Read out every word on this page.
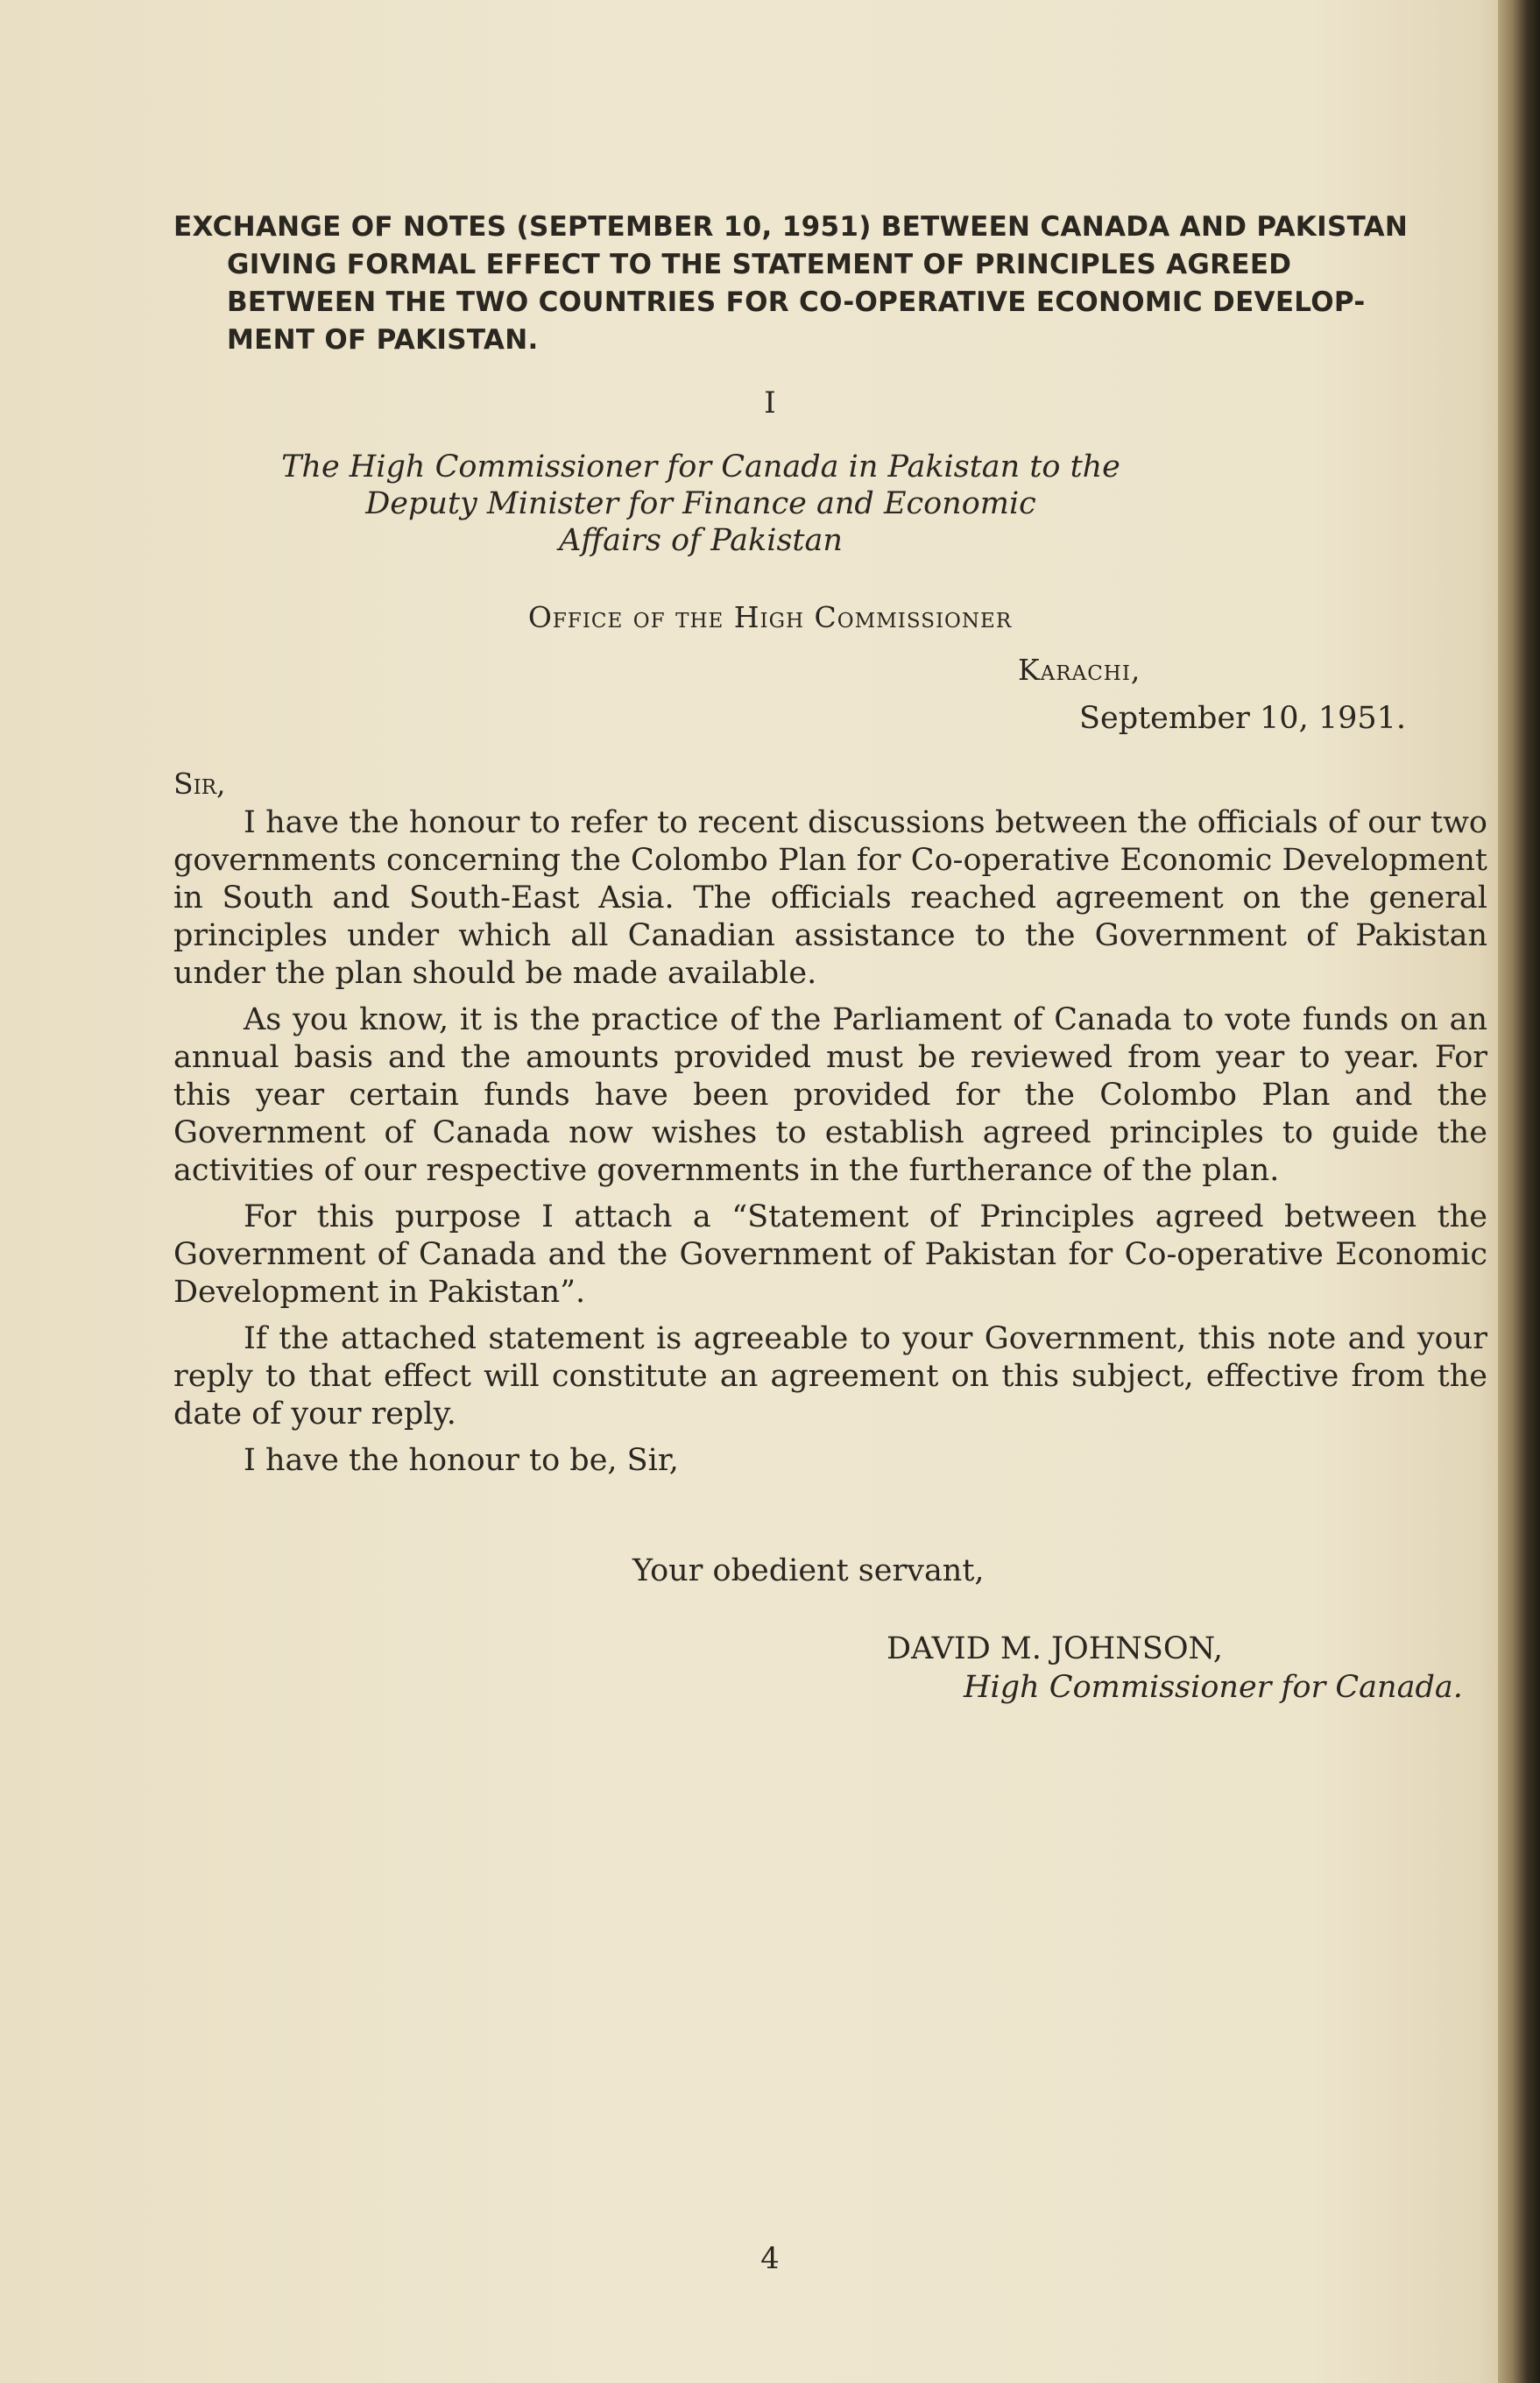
EXCHANGE OF NOTES (SEPTEMBER 10, 1951) BETWEEN CANADA AND PAKISTAN
GIVING FORMAL EFFECT TO THE STATEMENT OF PRINCIPLES AGREED
BETWEEN THE TWO COUNTRIES FOR CO-OPERATIVE ECONOMIC DEVELOP-
MENT OF PAKISTAN.
I
The High Commissioner for Canada in Pakistan to the
Deputy Minister for Finance and Economic
Affairs of Pakistan
Office of the High Commissioner
Karachi,
September 10, 1951.
Sir,

I have the honour to refer to recent discussions between the officials of our two governments concerning the Colombo Plan for Co-operative Economic Development in South and South-East Asia. The officials reached agreement on the general principles under which all Canadian assistance to the Government of Pakistan under the plan should be made available.

As you know, it is the practice of the Parliament of Canada to vote funds on an annual basis and the amounts provided must be reviewed from year to year. For this year certain funds have been provided for the Colombo Plan and the Government of Canada now wishes to establish agreed principles to guide the activities of our respective governments in the furtherance of the plan.

For this purpose I attach a “Statement of Principles agreed between the Government of Canada and the Government of Pakistan for Co-operative Economic Development in Pakistan”.

If the attached statement is agreeable to your Government, this note and your reply to that effect will constitute an agreement on this subject, effective from the date of your reply.

I have the honour to be, Sir,

Your obedient servant,
DAVID M. JOHNSON,
High Commissioner for Canada.
4
